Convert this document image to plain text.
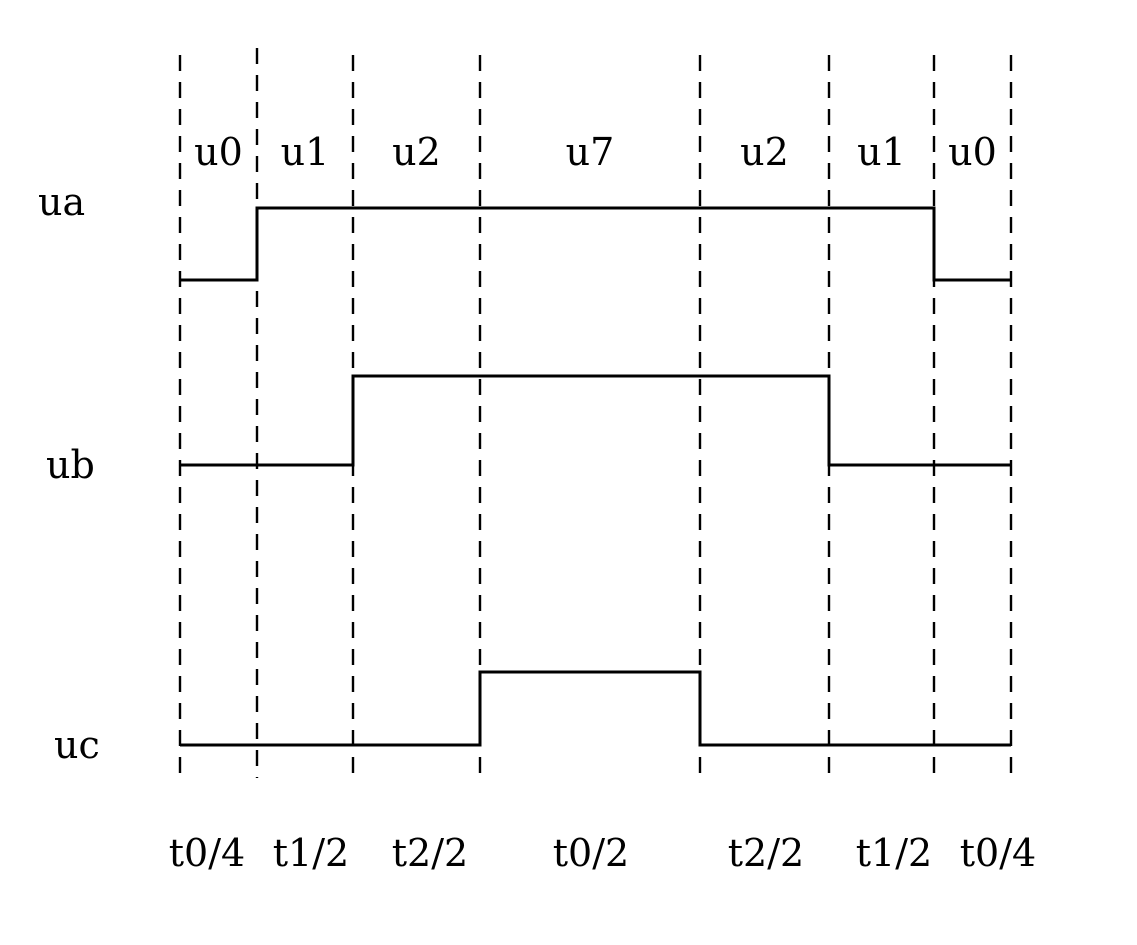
u0 u1 u2	u7	u2 u1 u0
ua
ub
uc
t0/4 t1/2 t2/2 t0/2	t2/2 t1/2 t0/4
